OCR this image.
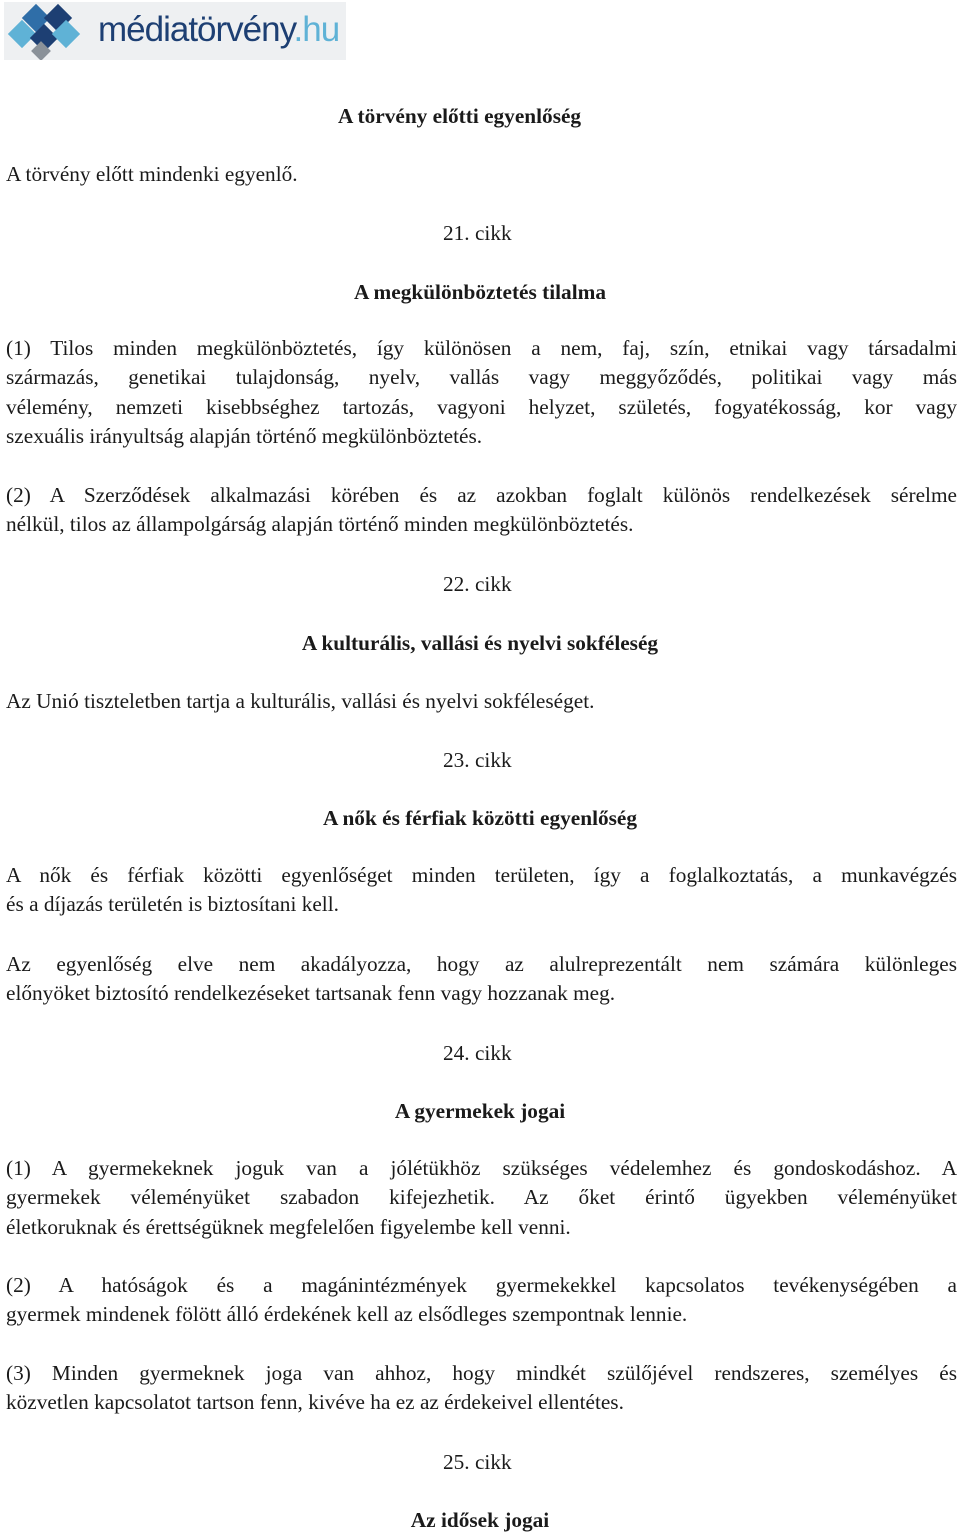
médiatörvény.hu
A törvény előtti egyenlőség
A törvény előtt mindenki egyenlő.
21. cikk
A megkülönböztetés tilalma
(1) Tilos minden megkülönböztetés, így különösen a nem, faj, szín, etnikai vagy társadalmi
származás, genetikai tulajdonság, nyelv, vallás vagy meggyőződés, politikai vagy más
vélemény, nemzeti kisebbséghez tartozás, vagyoni helyzet, születés, fogyatékosság, kor vagy
szexuális irányultság alapján történő megkülönböztetés.
(2) A Szerződések alkalmazási körében és az azokban foglalt különös rendelkezések sérelme
nélkül, tilos az állampolgárság alapján történő minden megkülönböztetés.
22. cikk
A kulturális, vallási és nyelvi sokféleség
Az Unió tiszteletben tartja a kulturális, vallási és nyelvi sokféleséget.
23. cikk
A nők és férfiak közötti egyenlőség
A nők és férfiak közötti egyenlőséget minden területen, így a foglalkoztatás, a munkavégzés
és a díjazás területén is biztosítani kell.
Az egyenlőség elve nem akadályozza, hogy az alulreprezentált nem számára különleges
előnyöket biztosító rendelkezéseket tartsanak fenn vagy hozzanak meg.
24. cikk
A gyermekek jogai
(1) A gyermekeknek joguk van a jólétükhöz szükséges védelemhez és gondoskodáshoz. A
gyermekek véleményüket szabadon kifejezhetik. Az őket érintő ügyekben véleményüket
életkoruknak és érettségüknek megfelelően figyelembe kell venni.
(2) A hatóságok és a magánintézmények gyermekekkel kapcsolatos tevékenységében a
gyermek mindenek fölött álló érdekének kell az elsődleges szempontnak lennie.
(3) Minden gyermeknek joga van ahhoz, hogy mindkét szülőjével rendszeres, személyes és
közvetlen kapcsolatot tartson fenn, kivéve ha ez az érdekeivel ellentétes.
25. cikk
Az idősek jogai
